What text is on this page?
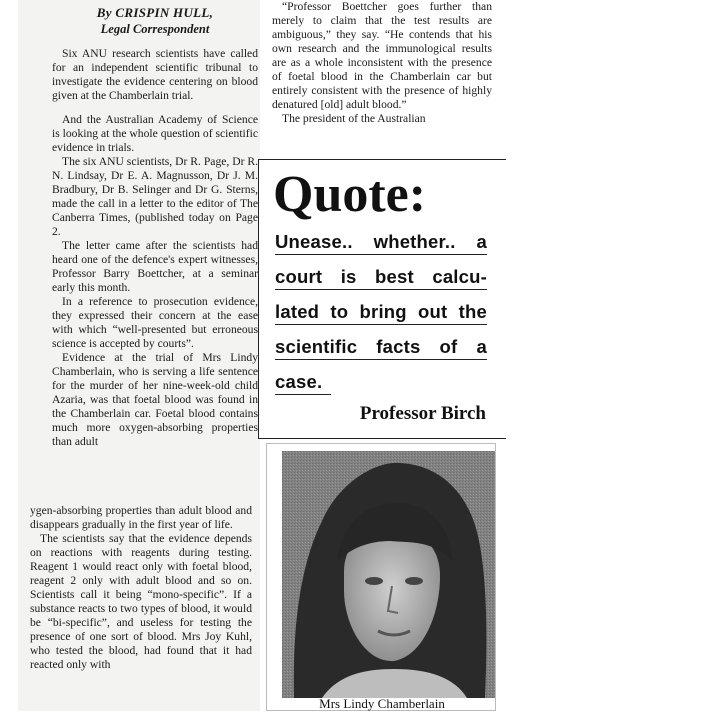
By CRISPIN HULL,
Legal Correspondent

Six ANU research scientists have called for an independent scientific tribunal to investigate the evidence centering on blood given at the Chamberlain trial.

And the Australian Academy of Science is looking at the whole question of scientific evidence in trials.

The six ANU scientists, Dr R. Page, Dr R. N. Lindsay, Dr E. A. Magnusson, Dr J. M. Bradbury, Dr B. Selinger and Dr G. Sterns, made the call in a letter to the editor of The Canberra Times, (published today on Page 2.

The letter came after the scientists had heard one of the defence's expert witnesses, Professor Barry Boettcher, at a seminar early this month.

In a reference to prosecution evidence, they expressed their concern at the ease with which “well-presented but erroneous science is accepted by courts”.

Evidence at the trial of Mrs Lindy Chamberlain, who is serving a life sentence for the murder of her nine-week-old child Azaria, was that foetal blood was found in the Chamberlain car. Foetal blood contains much more oxygen-absorbing properties than adult

ygen-absorbing properties than adult blood and disappears gradually in the first year of life.

The scientists say that the evidence depends on reactions with reagents during testing. Reagent 1 would react only with foetal blood, reagent 2 only with adult blood and so on. Scientists call it being “mono-specific”. If a substance reacts to two types of blood, it would be “bi-specific”, and useless for testing the presence of one sort of blood. Mrs Joy Kuhl, who tested the blood, had found that it had reacted only with

“Professor Boettcher goes further than merely to claim that the test results are ambiguous,” they say. “He contends that his own research and the immunological results are as a whole inconsistent with the presence of foetal blood in the Chamberlain car but entirely consistent with the presence of highly denatured [old] adult blood.”

The president of the Australian

Quote:
Unease.. whether.. a
court is best calcu-
lated to bring out the
scientific facts of a
case.
Professor Birch
Mrs Lindy Chamberlain
